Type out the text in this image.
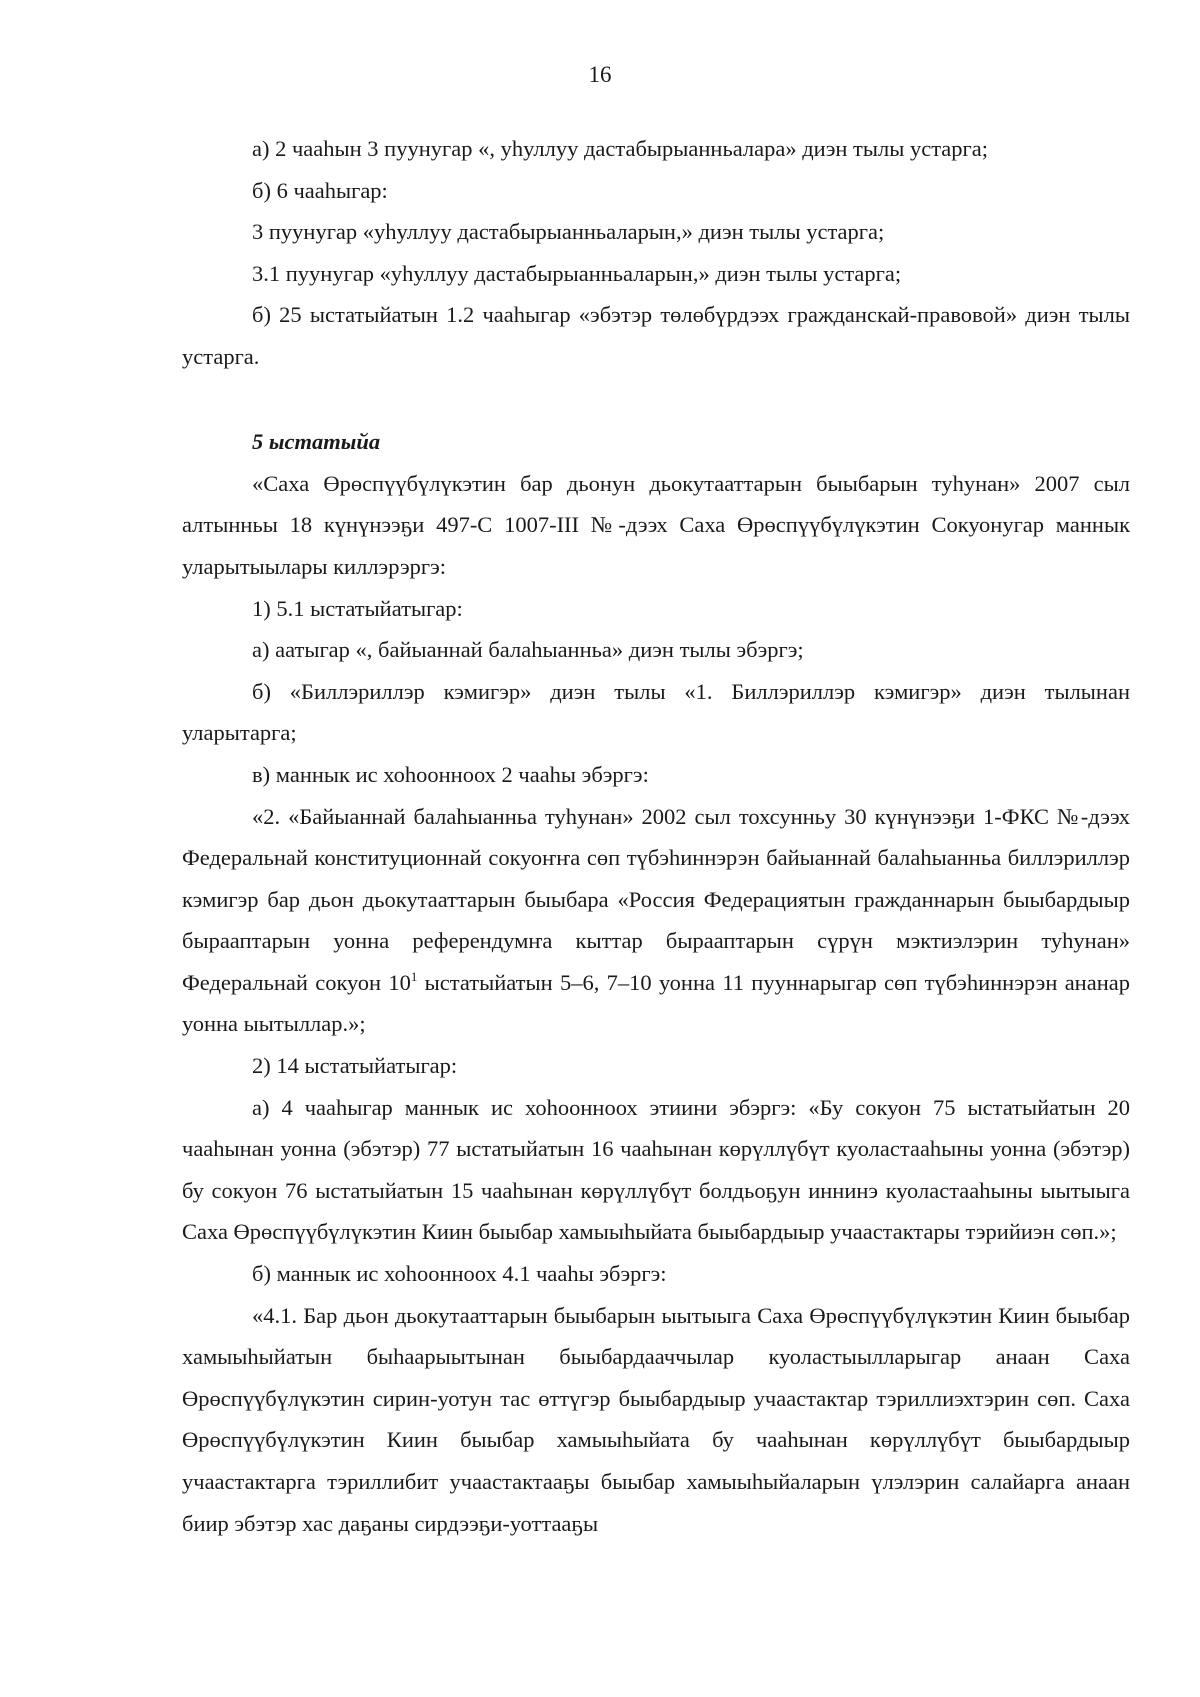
16

а) 2 чааһын 3 пуунугар «, уһуллуу дастабырыанньалара» диэн тылы устарга;

б) 6 чааһыгар:

3 пуунугар «уһуллуу дастабырыанньаларын,» диэн тылы устарга;

3.1 пуунугар «уһуллуу дастабырыанньаларын,» диэн тылы устарга;

б) 25 ыстатыйатын 1.2 чааһыгар «эбэтэр төлөбүрдээх гражданскай-правовой» диэн тылы устарга.

5 ыстатыйа

«Саха Өрөспүүбүлүкэтин бар дьонун дьокутааттарын быыбарын туһунан» 2007 сыл алтынньы 18 күнүнээҕи 497-С 1007-III №-дээх Саха Өрөспүүбүлүкэтин Сокуонугар маннык уларытыылары киллэрэргэ:

1) 5.1 ыстатыйатыгар:

а) аатыгар «, байыаннай балаһыанньа» диэн тылы эбэргэ;

б) «Биллэриллэр кэмигэр» диэн тылы «1. Биллэриллэр кэмигэр» диэн тылынан уларытарга;

в) маннык ис хоһоонноох 2 чааһы эбэргэ:

«2. «Байыаннай балаһыанньа туһунан» 2002 сыл тохсунньу 30 күнүнээҕи 1-ФКС №-дээх Федеральнай конституционнай сокуоҥҥа сөп түбэһиннэрэн байыаннай балаһыанньа биллэриллэр кэмигэр бар дьон дьокутааттарын быыбара «Россия Федерациятын гражданнарын быыбардыыр бырааптарын уонна референдумҥа кыттар бырааптарын сүрүн мэктиэлэрин туһунан» Федеральнай сокуон $10^1$ ыстатыйатын 5–6, 7–10 уонна 11 пууннарыгар сөп түбэһиннэрэн ананар уонна ыытыллар.»;

2) 14 ыстатыйатыгар:

а) 4 чааһыгар маннык ис хоһоонноох этиини эбэргэ: «Бу сокуон 75 ыстатыйатын 20 чааһынан уонна (эбэтэр) 77 ыстатыйатын 16 чааһынан көрүллүбүт куоластааһыны уонна (эбэтэр) бу сокуон 76 ыстатыйатын 15 чааһынан көрүллүбүт болдьоҕун иннинэ куоластааһыны ыытыыга Саха Өрөспүүбүлүкэтин Киин быыбар хамыыһыйата быыбардыыр учаастактары тэрийиэн сөп.»;

б) маннык ис хоһоонноох 4.1 чааһы эбэргэ:

«4.1. Бар дьон дьокутааттарын быыбарын ыытыыга Саха Өрөспүүбүлүкэтин Киин быыбар хамыыһыйатын быһаарыытынан быыбардааччылар куоластыылларыгар анаан Саха Өрөспүүбүлүкэтин сирин-уотун тас өттүгэр быыбардыыр учаастактар тэриллиэхтэрин сөп. Саха Өрөспүүбүлүкэтин Киин быыбар хамыыһыйата бу чааһынан көрүллүбүт быыбардыыр учаастактарга тэриллибит учаастактааҕы быыбар хамыыһыйаларын үлэлэрин салайарга анаан биир эбэтэр хас даҕаны сирдээҕи-уоттааҕы
